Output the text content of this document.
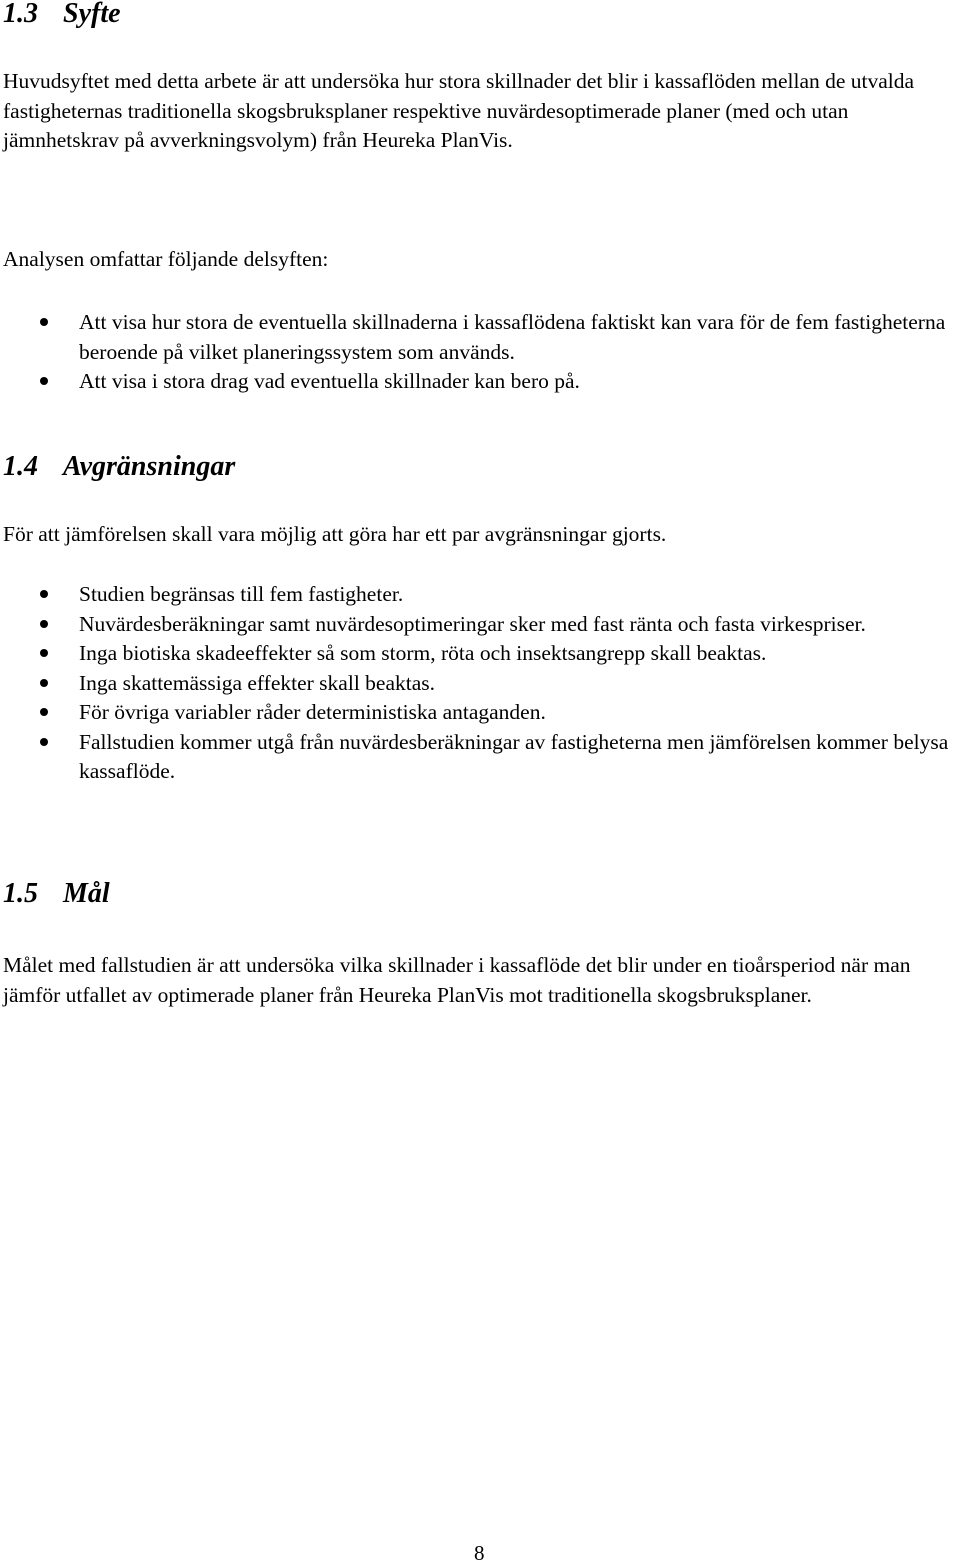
1.3 Syfte

Huvudsyftet med detta arbete är att undersöka hur stora skillnader det blir i kassaflöden mellan de utvalda fastigheternas traditionella skogsbruksplaner respektive nuvärdesoptimerade planer (med och utan jämnhetskrav på avverkningsvolym) från Heureka PlanVis.

Analysen omfattar följande delsyften:

Att visa hur stora de eventuella skillnaderna i kassaflödena faktiskt kan vara för de fem fastigheterna beroende på vilket planeringssystem som används.
Att visa i stora drag vad eventuella skillnader kan bero på.
1.4 Avgränsningar

För att jämförelsen skall vara möjlig att göra har ett par avgränsningar gjorts.

Studien begränsas till fem fastigheter.
Nuvärdesberäkningar samt nuvärdesoptimeringar sker med fast ränta och fasta virkespriser.
Inga biotiska skadeeffekter så som storm, röta och insektsangrepp skall beaktas.
Inga skattemässiga effekter skall beaktas.
För övriga variabler råder deterministiska antaganden.
Fallstudien kommer utgå från nuvärdesberäkningar av fastigheterna men jämförelsen kommer belysa kassaflöde.
1.5 Mål

Målet med fallstudien är att undersöka vilka skillnader i kassaflöde det blir under en tioårsperiod när man jämför utfallet av optimerade planer från Heureka PlanVis mot traditionella skogsbruksplaner.

8
